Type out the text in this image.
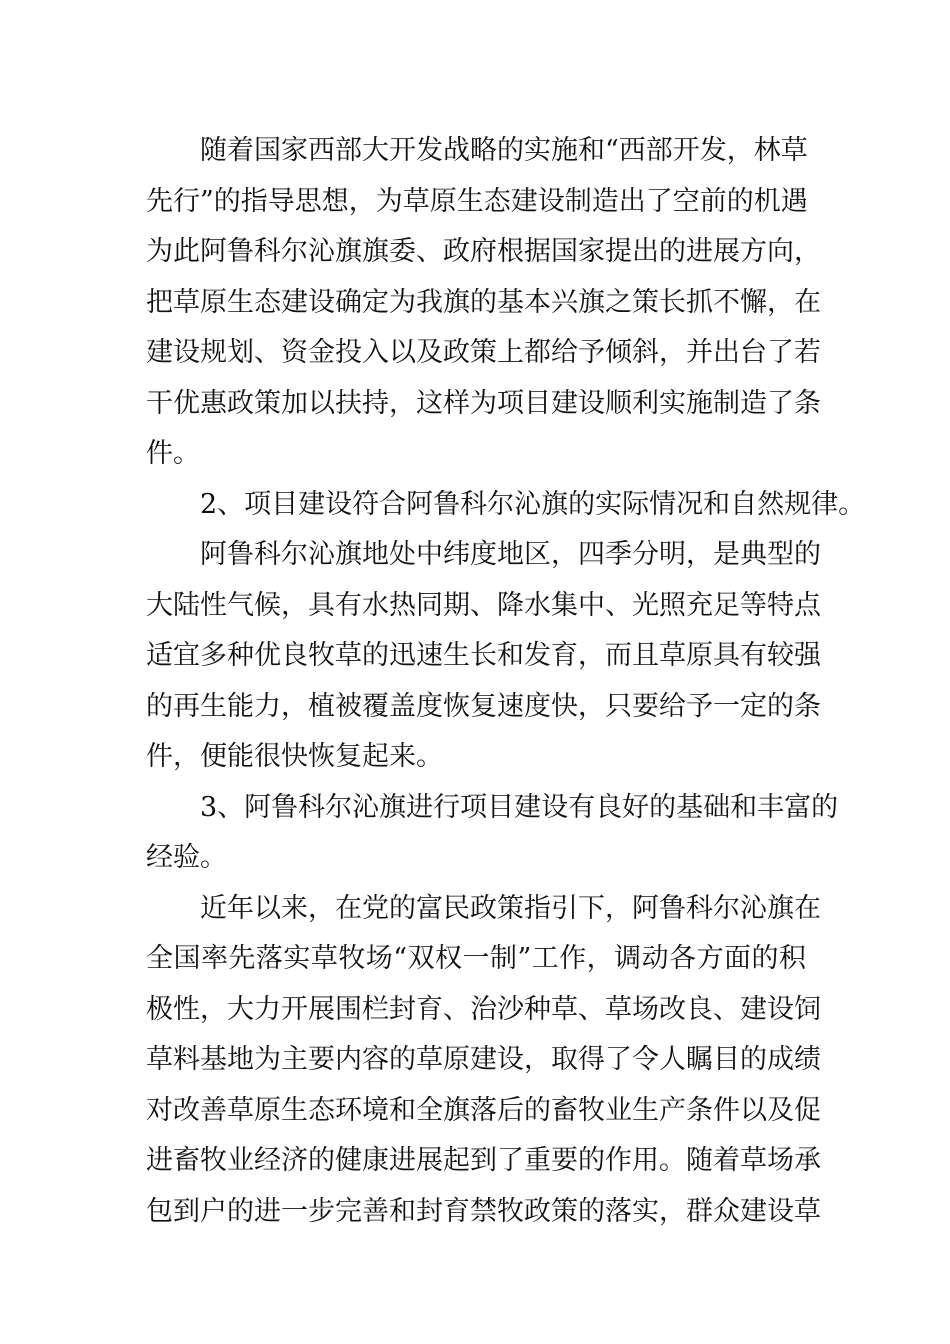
随着国家西部大开发战略的实施和“西部开发，林草
先行”的指导思想，为草原生态建设制造出了空前的机遇
为此阿鲁科尔沁旗旗委、政府根据国家提出的进展方向，
把草原生态建设确定为我旗的基本兴旗之策长抓不懈，在
建设规划、资金投入以及政策上都给予倾斜，并出台了若
干优惠政策加以扶持，这样为项目建设顺利实施制造了条
件。
2、项目建设符合阿鲁科尔沁旗的实际情况和自然规律。
阿鲁科尔沁旗地处中纬度地区，四季分明，是典型的
大陆性气候，具有水热同期、降水集中、光照充足等特点
适宜多种优良牧草的迅速生长和发育，而且草原具有较强
的再生能力，植被覆盖度恢复速度快，只要给予一定的条
件，便能很快恢复起来。
3、阿鲁科尔沁旗进行项目建设有良好的基础和丰富的
经验。
近年以来，在党的富民政策指引下，阿鲁科尔沁旗在
全国率先落实草牧场“双权一制”工作，调动各方面的积
极性，大力开展围栏封育、治沙种草、草场改良、建设饲
草料基地为主要内容的草原建设，取得了令人瞩目的成绩
对改善草原生态环境和全旗落后的畜牧业生产条件以及促
进畜牧业经济的健康进展起到了重要的作用。随着草场承
包到户的进一步完善和封育禁牧政策的落实，群众建设草
